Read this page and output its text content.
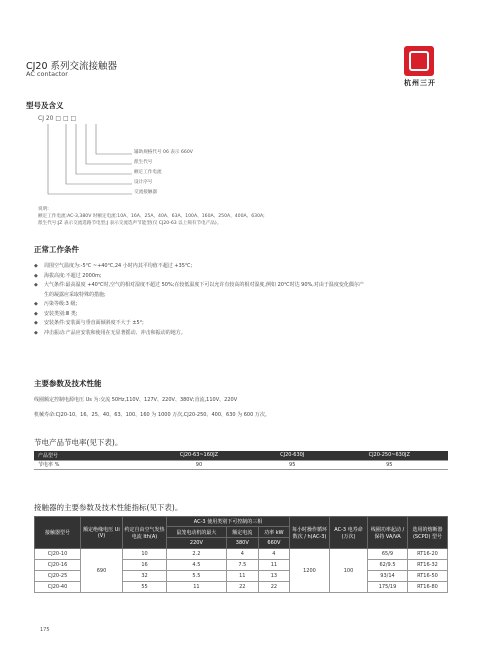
CJ20 系列交流接触器
AC contactor
杭州三开
型号及含义
CJ 20 □ □ □
辅助规格代号 06 表示 660V
派生代号
额定工作电流
设计序号
交流接触器
说明:
额定工作电流:AC-3,380V 时额定电流:10A、16A、25A、40A、63A、100A、160A、250A、400A、630A;
派生代号:JZ 表示交流选路节电型;J 表示交流选声节能型(仅 CJ20-63 以上频有节电产品)。
正常工作条件
◆	周围空气温度为:-5℃ ~+40℃,24 小时内其平均值不超过 +35℃;
◆	海拔高度:不超过 2000m;
◆	大气条件:最高温度 +40℃时,空气的相对湿度不超过 50%;在较低温度下可以允许有较高的相对湿度,例如 20℃时达 90%,对由于温度变化偶尔产
生的凝露应采取特殊的措施;
◆	污染等级:3 级;
◆	安装类别:Ⅲ 类;
◆	安装条件:安装面与垂直面倾斜度不大于 ±5°;
◆	冲击振动:产品应安装和使用在无显著摇动、冲击和振动的地方。
主要参数及技术性能
线圈额定控制电源电压 Us 为:交流 50Hz,110V、127V、220V、380V;直流,110V、220V
机械寿命:CJ20-10、16、25、40、63、100、160 为 1000 万次,CJ20-250、400、630 为 600 万次。
节电产品节电率(见下表)。
产品型号	CJ20-63~160JZ	CJ20-630J	CJ20-250~630JZ
节电率 %	90	95	95
接触器的主要参数及技术性能指标(见下表)。
接触器型号	额定绝缘电压 Ui (V)	约定自由空气发热电流 Ith(A)	AC-3 使用类别下可控制的三相			每小时操作循环数次 / h(AC-3)	AC-3 电寿命(万次)	线圈功率起动 / 保持 VA/VA	选用的熔断器 (SCPD) 型号
			鼠笼电动机的最大	额定电流	功率 kW				
			220V	380V	660V				
CJ20-10	690	10	2.2	4	4	1200	100	65/9	RT16-20
CJ20-16		16	4.5	7.5	11			62/9.5	RT16-32
CJ20-25		32	5.5	11	13			93/14	RT16-50
CJ20-40		55	11	22	22			175/19	RT16-80
175
